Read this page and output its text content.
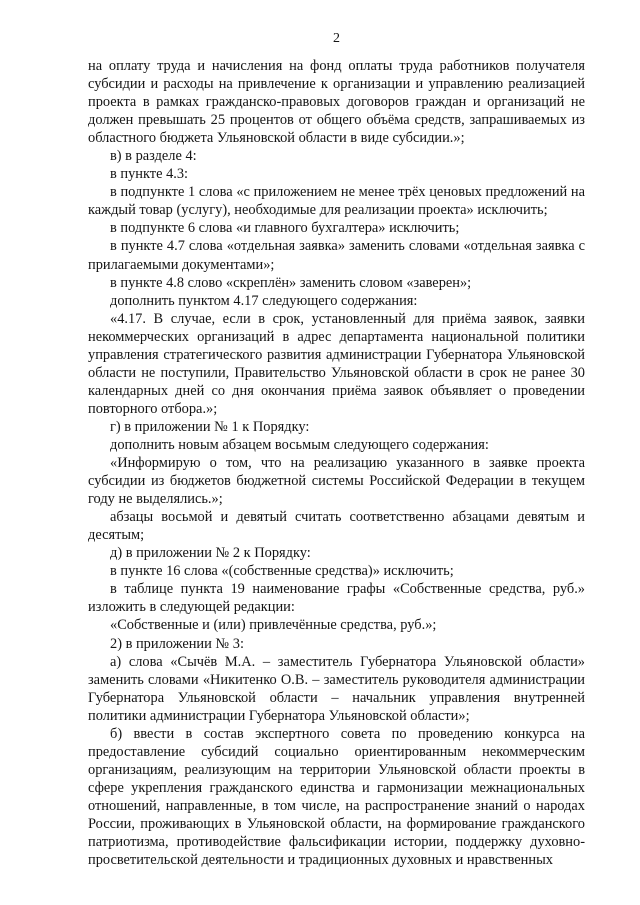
2

на оплату труда и начисления на фонд оплаты труда работников получателя субсидии и расходы на привлечение к организации и управлению реализацией проекта в рамках гражданско-правовых договоров граждан и организаций не должен превышать 25 процентов от общего объёма средств, запрашиваемых из областного бюджета Ульяновской области в виде субсидии.»;

в) в разделе 4:

в пункте 4.3:

в подпункте 1 слова «с приложением не менее трёх ценовых предложений на каждый товар (услугу), необходимые для реализации проекта» исключить;

в подпункте 6 слова «и главного бухгалтера» исключить;

в пункте 4.7 слова «отдельная заявка» заменить словами «отдельная заявка с прилагаемыми документами»;

в пункте 4.8 слово «скреплён» заменить словом «заверен»;

дополнить пунктом 4.17 следующего содержания:

«4.17. В случае, если в срок, установленный для приёма заявок, заявки некоммерческих организаций в адрес департамента национальной политики управления стратегического развития администрации Губернатора Ульяновской области не поступили, Правительство Ульяновской области в срок не ранее 30 календарных дней со дня окончания приёма заявок объявляет о проведении повторного отбора.»;

г) в приложении № 1 к Порядку:

дополнить новым абзацем восьмым следующего содержания:

«Информирую о том, что на реализацию указанного в заявке проекта субсидии из бюджетов бюджетной системы Российской Федерации в текущем году не выделялись.»;

абзацы восьмой и девятый считать соответственно абзацами девятым и десятым;

д) в приложении № 2 к Порядку:

в пункте 16 слова «(собственные средства)» исключить;

в таблице пункта 19 наименование графы «Собственные средства, руб.» изложить в следующей редакции:

«Собственные и (или) привлечённые средства, руб.»;

2) в приложении № 3:

а) слова «Сычёв М.А. – заместитель Губернатора Ульяновской области» заменить словами «Никитенко О.В. – заместитель руководителя администрации Губернатора Ульяновской области – начальник управления внутренней политики администрации Губернатора Ульяновской области»;

б) ввести в состав экспертного совета по проведению конкурса на предоставление субсидий социально ориентированным некоммерческим организациям, реализующим на территории Ульяновской области проекты в сфере укрепления гражданского единства и гармонизации межнациональных отношений, направленные, в том числе, на распространение знаний о народах России, проживающих в Ульяновской области, на формирование гражданского патриотизма, противодействие фальсификации истории, поддержку духовно-просветительской деятельности и традиционных духовных и нравственных
